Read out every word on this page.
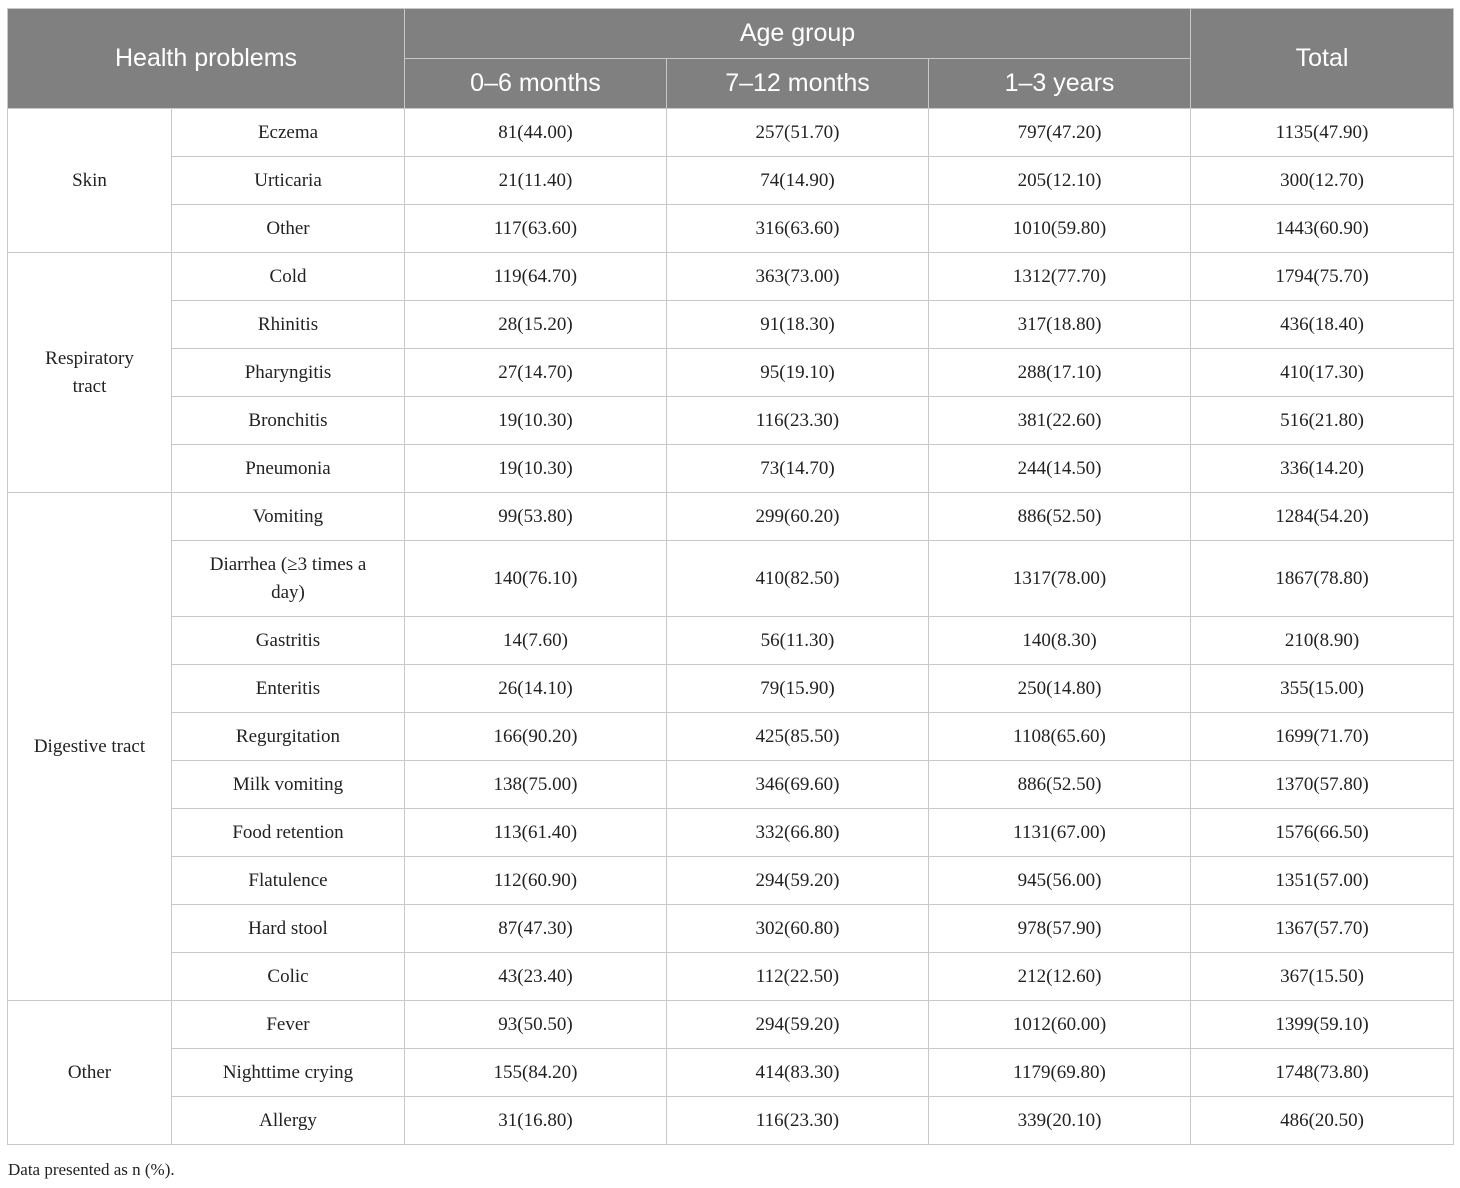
Health problems		Age group			Total
		0–6 months	7–12 months	1–3 years	
Skin	Eczema	81(44.00)	257(51.70)	797(47.20)	1135(47.90)
	Urticaria	21(11.40)	74(14.90)	205(12.10)	300(12.70)
	Other	117(63.60)	316(63.60)	1010(59.80)	1443(60.90)
Respiratory tract	Cold	119(64.70)	363(73.00)	1312(77.70)	1794(75.70)
	Rhinitis	28(15.20)	91(18.30)	317(18.80)	436(18.40)
	Pharyngitis	27(14.70)	95(19.10)	288(17.10)	410(17.30)
	Bronchitis	19(10.30)	116(23.30)	381(22.60)	516(21.80)
	Pneumonia	19(10.30)	73(14.70)	244(14.50)	336(14.20)
Digestive tract	Vomiting	99(53.80)	299(60.20)	886(52.50)	1284(54.20)
	Diarrhea (≥3 times a day)	140(76.10)	410(82.50)	1317(78.00)	1867(78.80)
	Gastritis	14(7.60)	56(11.30)	140(8.30)	210(8.90)
	Enteritis	26(14.10)	79(15.90)	250(14.80)	355(15.00)
	Regurgitation	166(90.20)	425(85.50)	1108(65.60)	1699(71.70)
	Milk vomiting	138(75.00)	346(69.60)	886(52.50)	1370(57.80)
	Food retention	113(61.40)	332(66.80)	1131(67.00)	1576(66.50)
	Flatulence	112(60.90)	294(59.20)	945(56.00)	1351(57.00)
	Hard stool	87(47.30)	302(60.80)	978(57.90)	1367(57.70)
	Colic	43(23.40)	112(22.50)	212(12.60)	367(15.50)
Other	Fever	93(50.50)	294(59.20)	1012(60.00)	1399(59.10)
	Nighttime crying	155(84.20)	414(83.30)	1179(69.80)	1748(73.80)
	Allergy	31(16.80)	116(23.30)	339(20.10)	486(20.50)
Data presented as n (%).
